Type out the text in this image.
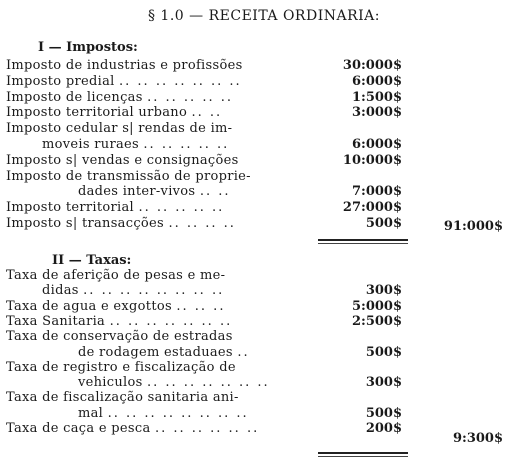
§ 1.0 — RECEITA ORDINARIA:
I — Impostos:
Imposto de industrias e profissões	30:000$
Imposto predial .. .. .. .. .. .. ..	6:000$
Imposto de licenças .. .. .. .. ..	1:500$
Imposto territorial urbano .. ..	3:000$
Imposto cedular s| rendas de im-
moveis ruraes .. .. .. .. ..	6:000$
Imposto s| vendas e consignações	10:000$
Imposto de transmissão de proprie-
dades inter-vivos .. ..	7:000$
Imposto territorial .. .. .. .. ..	27:000$
Imposto s| transacções .. .. .. ..	500$	91:000$
II — Taxas:
Taxa de aferição de pesas e me-
didas .. .. .. .. .. .. .. ..	300$
Taxa de agua e exgottos .. .. ..	5:000$
Taxa Sanitaria .. .. .. .. .. .. ..	2:500$
Taxa de conservação de estradas
de rodagem estaduaes ..	500$
Taxa de registro e fiscalização de
vehiculos .. .. .. .. .. .. ..	300$
Taxa de fiscalização sanitaria ani-
mal .. .. .. .. .. .. .. ..	500$
Taxa de caça e pesca .. .. .. .. .. ..	200$
9:300$
